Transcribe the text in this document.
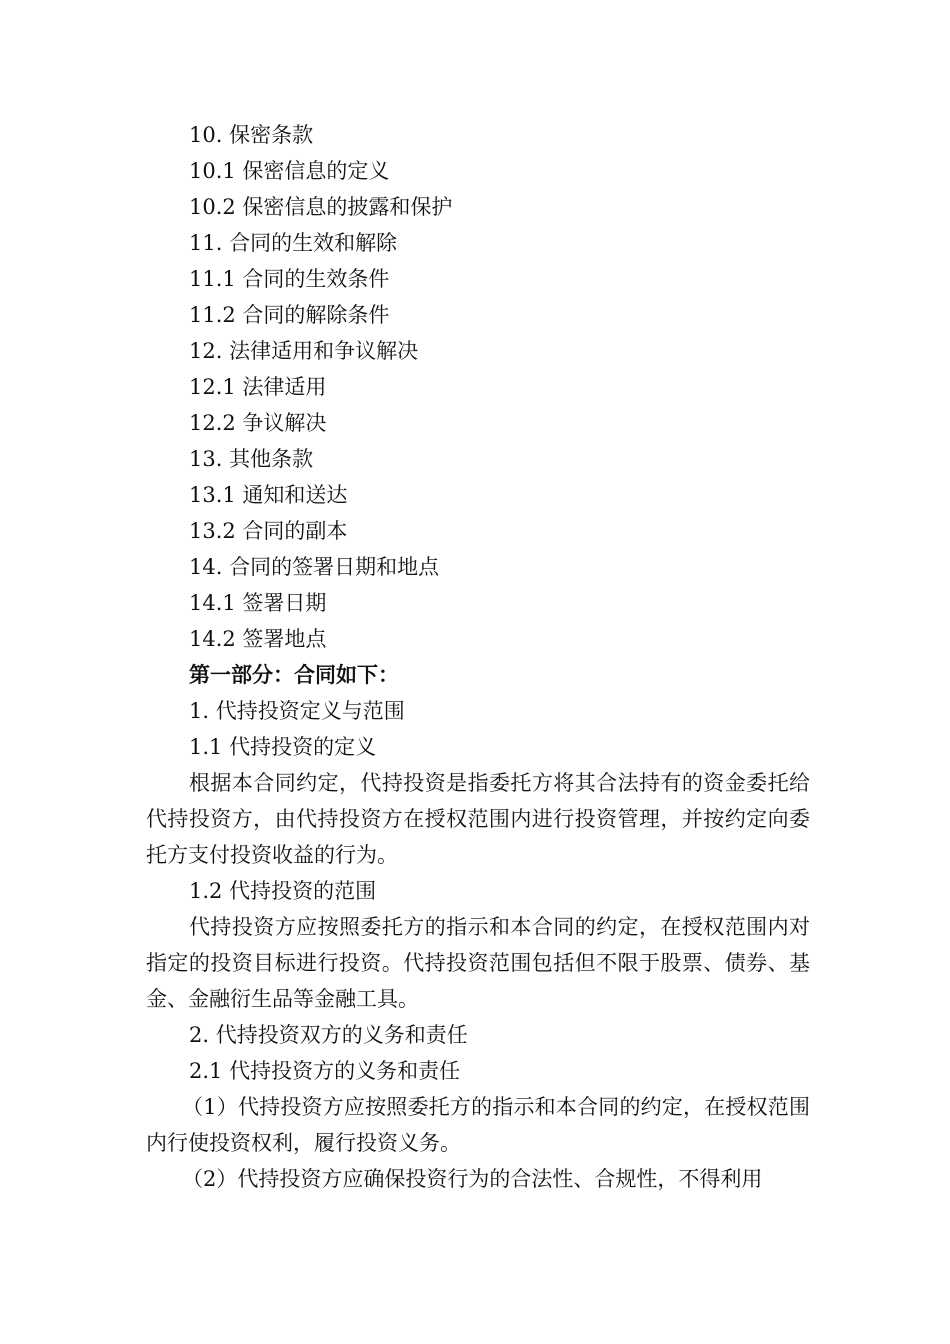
10. 保密条款
10.1 保密信息的定义
10.2 保密信息的披露和保护
11. 合同的生效和解除
11.1 合同的生效条件
11.2 合同的解除条件
12. 法律适用和争议解决
12.1 法律适用
12.2 争议解决
13. 其他条款
13.1 通知和送达
13.2 合同的副本
14. 合同的签署日期和地点
14.1 签署日期
14.2 签署地点
第一部分：合同如下：
1. 代持投资定义与范围
1.1 代持投资的定义

根据本合同约定，代持投资是指委托方将其合法持有的资金委托给代持投资方，由代持投资方在授权范围内进行投资管理，并按约定向委托方支付投资收益的行为。

1.2 代持投资的范围

代持投资方应按照委托方的指示和本合同的约定，在授权范围内对指定的投资目标进行投资。代持投资范围包括但不限于股票、债券、基金、金融衍生品等金融工具。

2. 代持投资双方的义务和责任
2.1 代持投资方的义务和责任

（1）代持投资方应按照委托方的指示和本合同的约定，在授权范围内行使投资权利，履行投资义务。

（2）代持投资方应确保投资行为的合法性、合规性，不得利用
